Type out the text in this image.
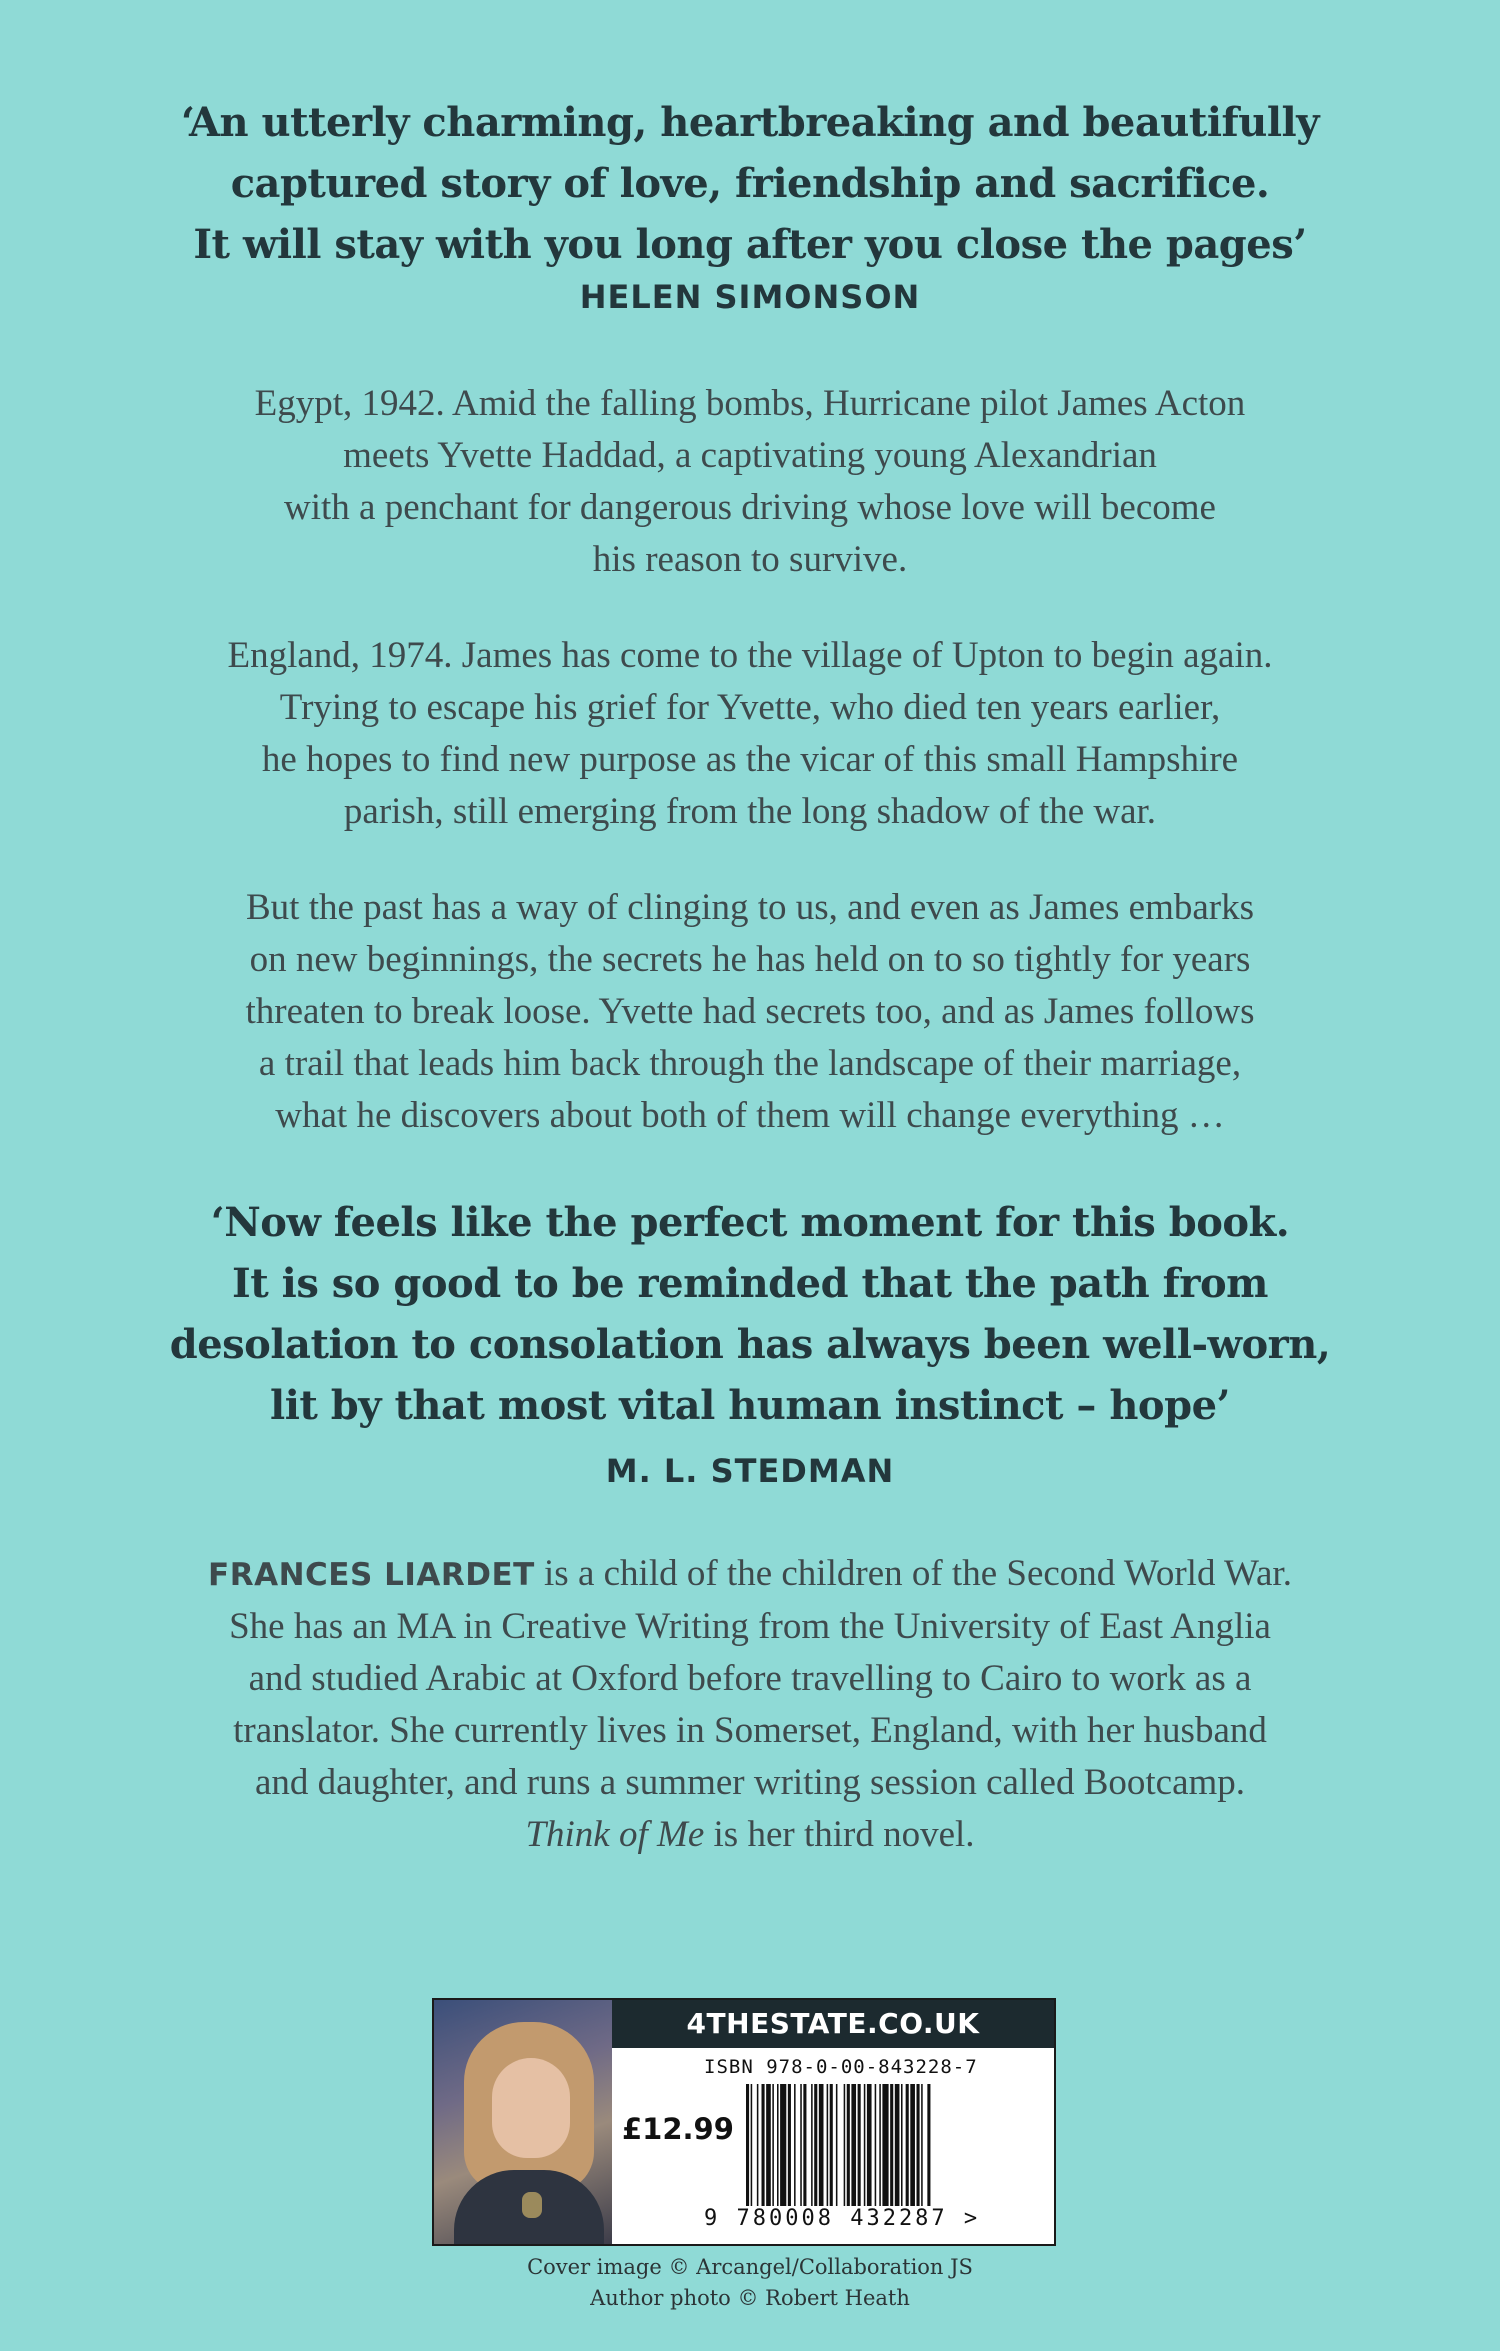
‘An utterly charming, heartbreaking and beautifully
captured story of love, friendship and sacrifice.
It will stay with you long after you close the pages’
HELEN SIMONSON
Egypt, 1942. Amid the falling bombs, Hurricane pilot James Acton
meets Yvette Haddad, a captivating young Alexandrian
with a penchant for dangerous driving whose love will become
his reason to survive.
England, 1974. James has come to the village of Upton to begin again.
Trying to escape his grief for Yvette, who died ten years earlier,
he hopes to find new purpose as the vicar of this small Hampshire
parish, still emerging from the long shadow of the war.
But the past has a way of clinging to us, and even as James embarks
on new beginnings, the secrets he has held on to so tightly for years
threaten to break loose. Yvette had secrets too, and as James follows
a trail that leads him back through the landscape of their marriage,
what he discovers about both of them will change everything …
‘Now feels like the perfect moment for this book.
It is so good to be reminded that the path from
desolation to consolation has always been well-worn,
lit by that most vital human instinct – hope’
M. L. STEDMAN
FRANCES LIARDET is a child of the children of the Second World War.
She has an MA in Creative Writing from the University of East Anglia
and studied Arabic at Oxford before travelling to Cairo to work as a
translator. She currently lives in Somerset, England, with her husband
and daughter, and runs a summer writing session called Bootcamp.
Think of Me is her third novel.
4THESTATE.CO.UK
ISBN 978-0-00-843228-7
£12.99
9 780008 432287 >
Cover image © Arcangel/Collaboration JS
Author photo © Robert Heath
